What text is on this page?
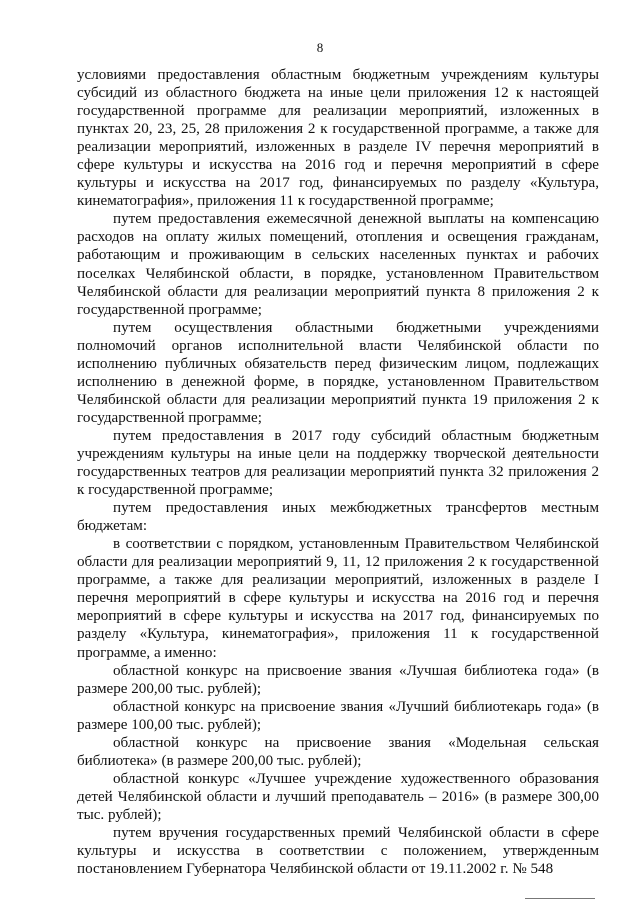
8

условиями предоставления областным бюджетным учреждениям культуры субсидий из областного бюджета на иные цели приложения 12 к настоящей государственной программе для реализации мероприятий, изложенных в пунктах 20, 23, 25, 28 приложения 2 к государственной программе, а также для реализации мероприятий, изложенных в разделе IV перечня мероприятий в сфере культуры и искусства на 2016 год и перечня мероприятий в сфере культуры и искусства на 2017 год, финансируемых по разделу «Культура, кинематография», приложения 11 к государственной программе;

путем предоставления ежемесячной денежной выплаты на компенсацию расходов на оплату жилых помещений, отопления и освещения гражданам, работающим и проживающим в сельских населенных пунктах и рабочих поселках Челябинской области, в порядке, установленном Правительством Челябинской области для реализации мероприятий пункта 8 приложения 2 к государственной программе;

путем осуществления областными бюджетными учреждениями полномочий органов исполнительной власти Челябинской области по исполнению публичных обязательств перед физическим лицом, подлежащих исполнению в денежной форме, в порядке, установленном Правительством Челябинской области для реализации мероприятий пункта 19 приложения 2 к государственной программе;

путем предоставления в 2017 году субсидий областным бюджетным учреждениям культуры на иные цели на поддержку творческой деятельности государственных театров для реализации мероприятий пункта 32 приложения 2 к государственной программе;

путем предоставления иных межбюджетных трансфертов местным бюджетам:

в соответствии с порядком, установленным Правительством Челябинской области для реализации мероприятий 9, 11, 12 приложения 2 к государственной программе, а также для реализации мероприятий, изложенных в разделе I перечня мероприятий в сфере культуры и искусства на 2016 год и перечня мероприятий в сфере культуры и искусства на 2017 год, финансируемых по разделу «Культура, кинематография», приложения 11 к государственной программе, а именно:

областной конкурс на присвоение звания «Лучшая библиотека года» (в размере 200,00 тыс. рублей);

областной конкурс на присвоение звания «Лучший библиотекарь года» (в размере 100,00 тыс. рублей);

областной конкурс на присвоение звания «Модельная сельская библиотека» (в размере 200,00 тыс. рублей);

областной конкурс «Лучшее учреждение художественного образования детей Челябинской области и лучший преподаватель – 2016» (в размере 300,00 тыс. рублей);

путем вручения государственных премий Челябинской области в сфере культуры и искусства в соответствии с положением, утвержденным постановлением Губернатора Челябинской области от 19.11.2002 г. № 548
